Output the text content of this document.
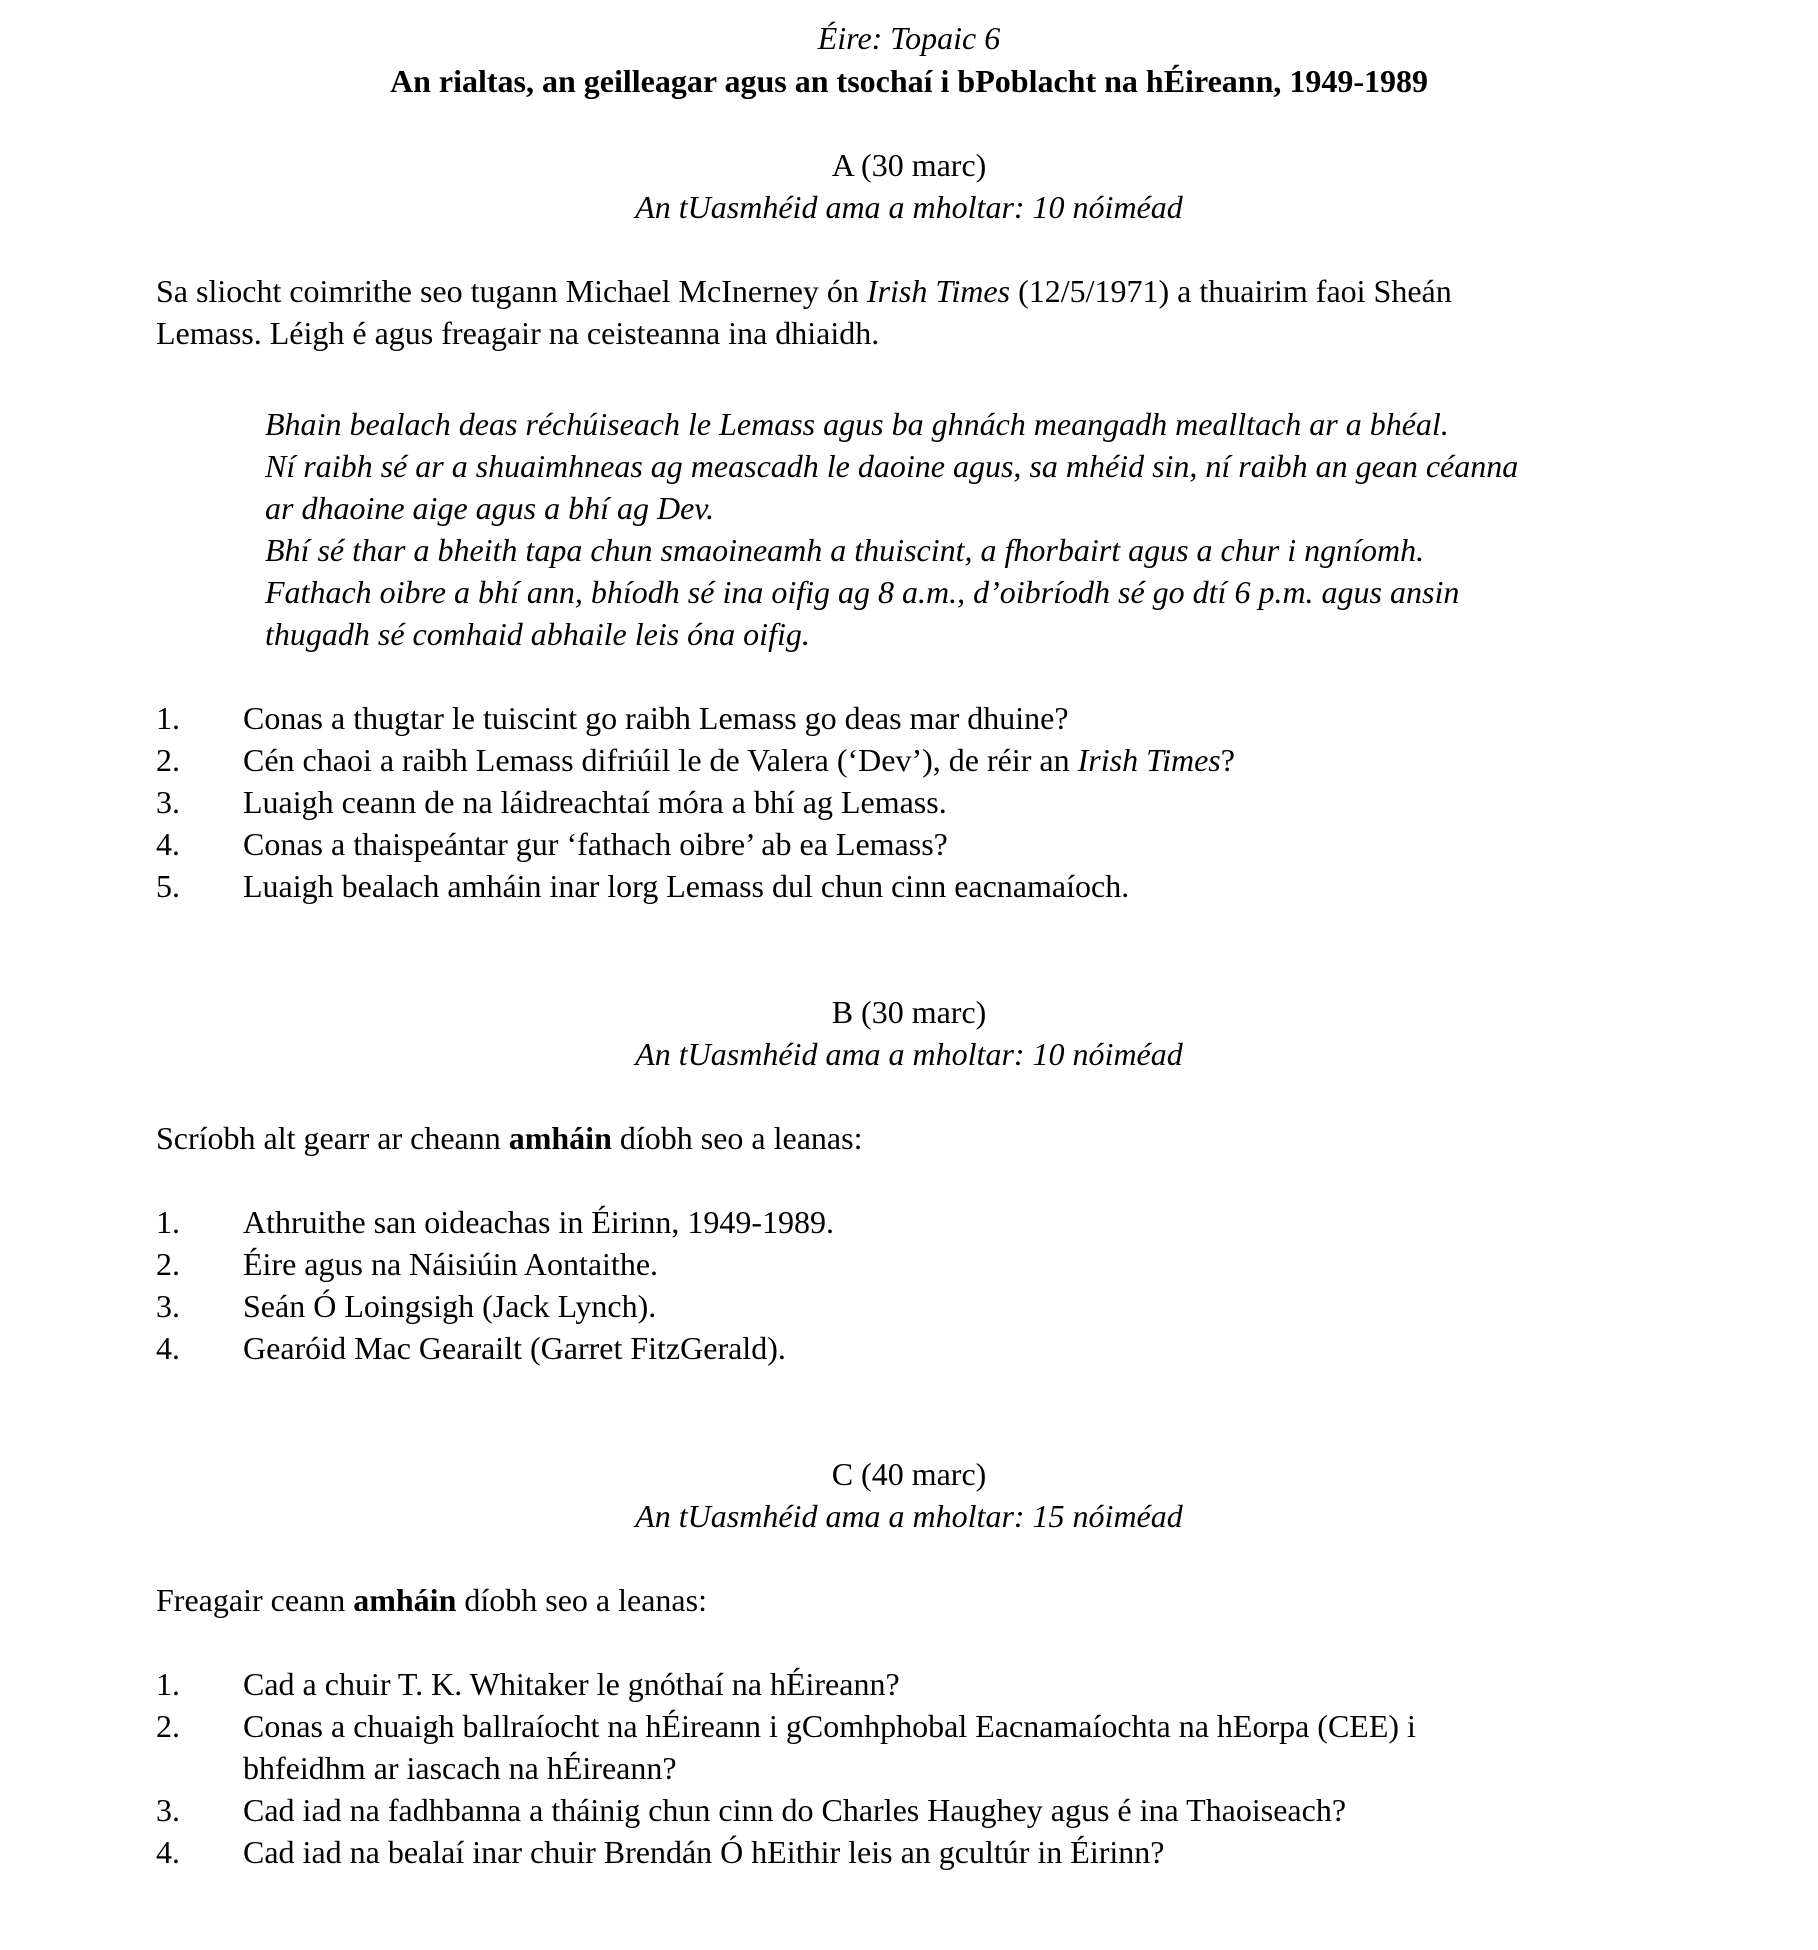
Éire: Topaic 6
An rialtas, an geilleagar agus an tsochaí i bPoblacht na hÉireann, 1949-1989
A (30 marc)
An tUasmhéid ama a mholtar: 10 nóiméad
Sa sliocht coimrithe seo tugann Michael McInerney ón Irish Times (12/5/1971) a thuairim faoi Sheán
Lemass. Léigh é agus freagair na ceisteanna ina dhiaidh.
Bhain bealach deas réchúiseach le Lemass agus ba ghnách meangadh mealltach ar a bhéal.
Ní raibh sé ar a shuaimhneas ag meascadh le daoine agus, sa mhéid sin, ní raibh an gean céanna
ar dhaoine aige agus a bhí ag Dev.
Bhí sé thar a bheith tapa chun smaoineamh a thuiscint, a fhorbairt agus a chur i ngníomh.
Fathach oibre a bhí ann, bhíodh sé ina oifig ag 8 a.m., d’oibríodh sé go dtí 6 p.m. agus ansin
thugadh sé comhaid abhaile leis óna oifig.
1. Conas a thugtar le tuiscint go raibh Lemass go deas mar dhuine?
2. Cén chaoi a raibh Lemass difriúil le de Valera (‘Dev’), de réir an Irish Times?
3. Luaigh ceann de na láidreachtaí móra a bhí ag Lemass.
4. Conas a thaispeántar gur ‘fathach oibre’ ab ea Lemass?
5. Luaigh bealach amháin inar lorg Lemass dul chun cinn eacnamaíoch.
B (30 marc)
An tUasmhéid ama a mholtar: 10 nóiméad
Scríobh alt gearr ar cheann amháin díobh seo a leanas:
1. Athruithe san oideachas in Éirinn, 1949-1989.
2. Éire agus na Náisiúin Aontaithe.
3. Seán Ó Loingsigh (Jack Lynch).
4. Gearóid Mac Gearailt (Garret FitzGerald).
C (40 marc)
An tUasmhéid ama a mholtar: 15 nóiméad
Freagair ceann amháin díobh seo a leanas:
1. Cad a chuir T. K. Whitaker le gnóthaí na hÉireann?
2. Conas a chuaigh ballraíocht na hÉireann i gComhphobal Eacnamaíochta na hEorpa (CEE) i
bhfeidhm ar iascach na hÉireann?
3. Cad iad na fadhbanna a tháinig chun cinn do Charles Haughey agus é ina Thaoiseach?
4. Cad iad na bealaí inar chuir Brendán Ó hEithir leis an gcultúr in Éirinn?
